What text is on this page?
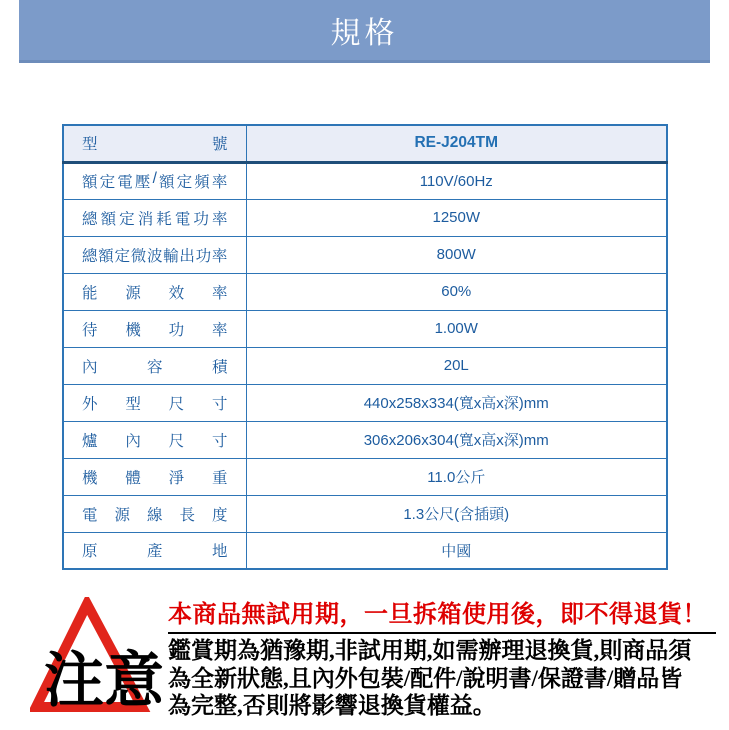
規格
型 號	RE-J204TM

額 定 電 壓 / 額 定 頻 率	110V/60Hz

總 額 定 消 耗 電 功 率	1250W

總 額 定 微 波 輸 出 功 率	800W

能 源 效 率	60%

待 機 功 率	1.00W

內 容 積	20L

外 型 尺 寸	440x258x334(寬x高x深)mm

爐 內 尺 寸	306x206x304(寬x高x深)mm

機 體 淨 重	11.0公斤

電 源 線 長 度	1.3公尺(含插頭)

原 產 地	中國
注意
本商品無試用期，一旦拆箱使用後，即不得退貨！
鑑賞期為猶豫期,非試用期,如需辦理退換貨,則商品須
為全新狀態,且內外包裝/配件/說明書/保證書/贈品皆
為完整,否則將影響退換貨權益。
